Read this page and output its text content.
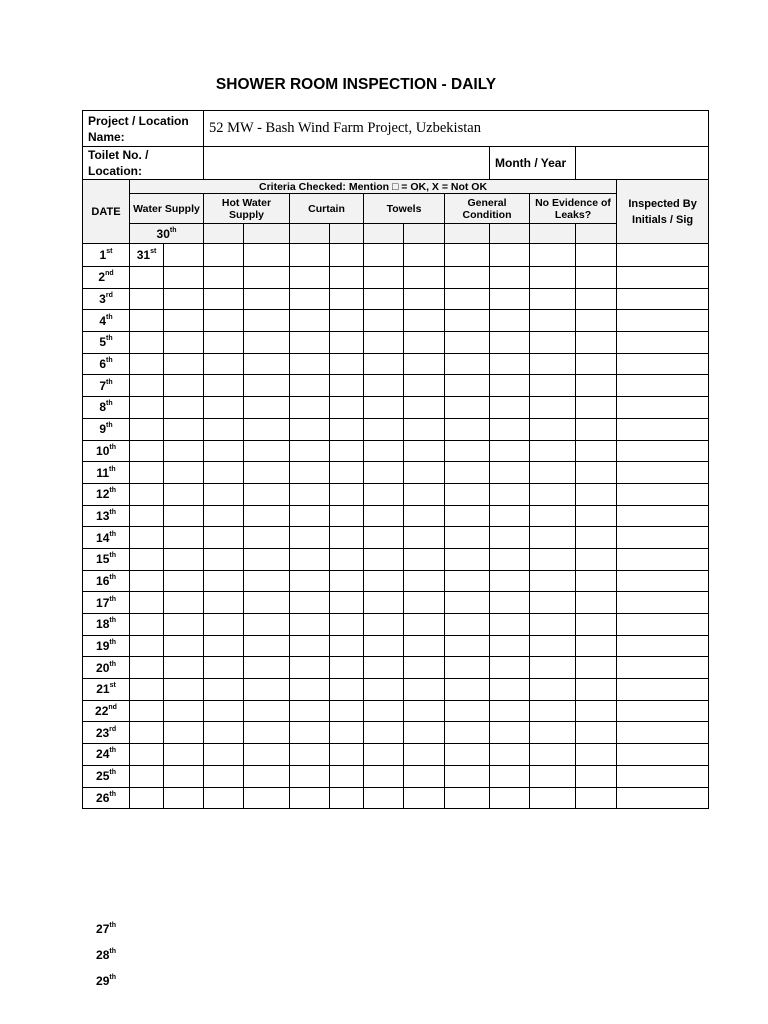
SHOWER ROOM INSPECTION - DAILY
Project / Location Name:			52 MW - Bash Wind Farm Project, Uzbekistan										
Toilet No. / Location:										Month / Year			
DATE	Criteria Checked: Mention □ = OK, X = Not OK												Inspected By Initials / Sig
	Water Supply		Hot Water Supply		Curtain		Towels		General Condition		No Evidence of Leaks?		
	30th										
1st	31st												
2nd													
3rd													
4th													
5th													
6th													
7th													
8th													
9th													
10th													
11th													
12th													
13th													
14th													
15th													
16th													
17th													
18th													
19th													
20th													
21st													
22nd													
23rd													
24th													
25th													
26th													
27th
28th
29th
